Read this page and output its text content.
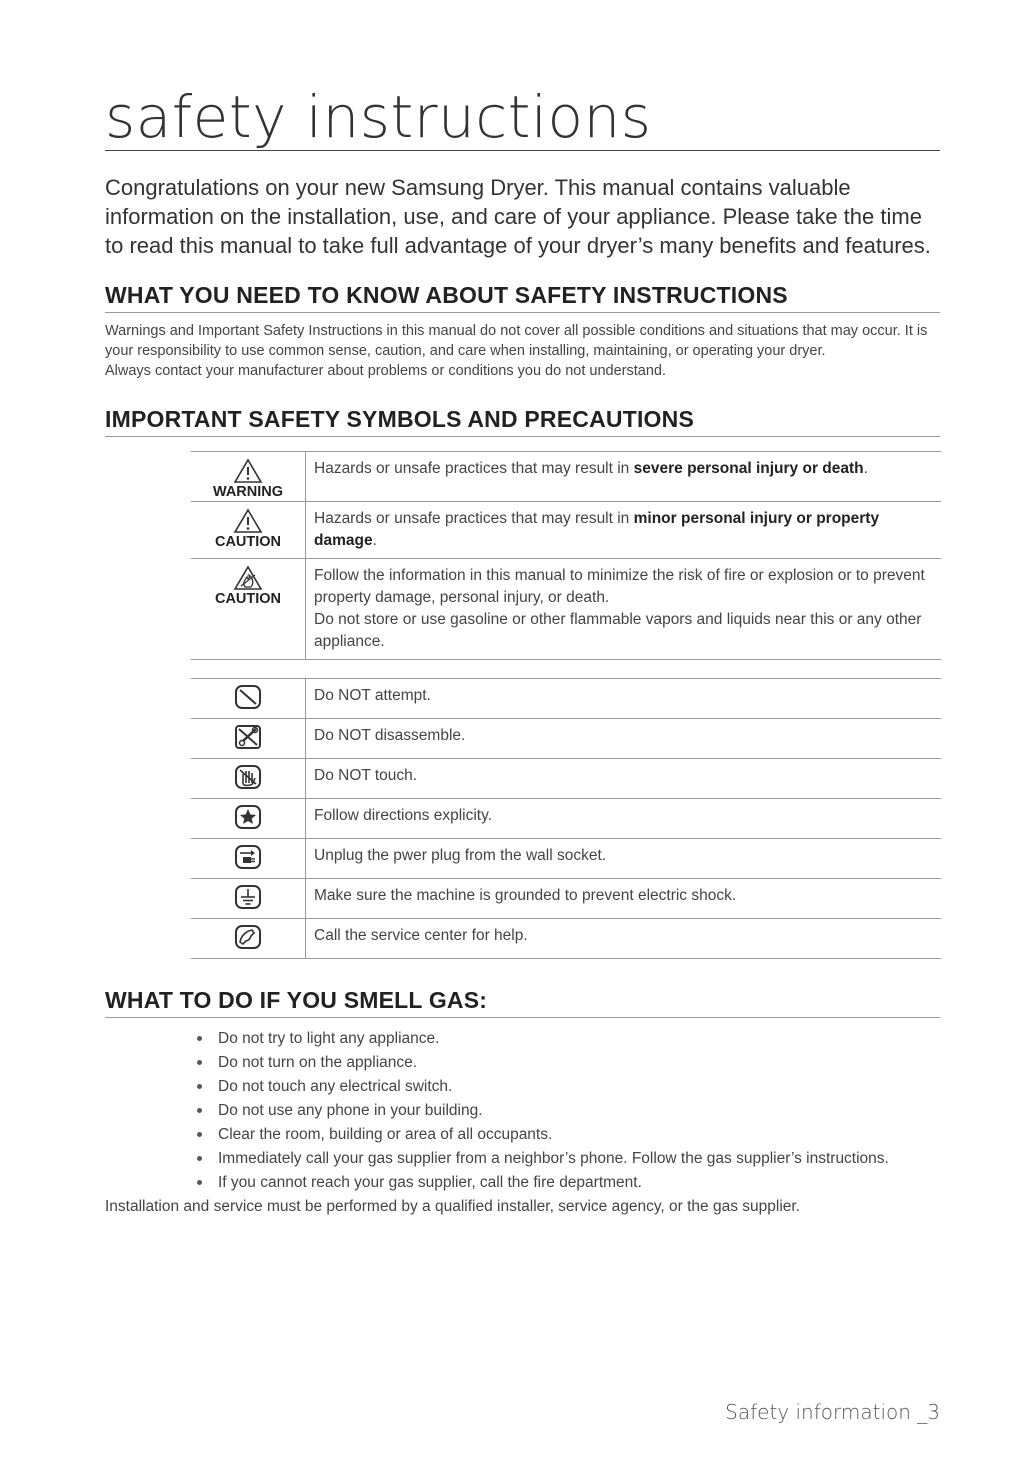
safety instructions

Congratulations on your new Samsung Dryer. This manual contains valuable information on the installation, use, and care of your appliance. Please take the time to read this manual to take full advantage of your dryer’s many benefits and features.

WHAT YOU NEED TO KNOW ABOUT SAFETY INSTRUCTIONS

Warnings and Important Safety Instructions in this manual do not cover all possible conditions and situations that may occur. It is your responsibility to use common sense, caution, and care when installing, maintaining, or operating your dryer.

Always contact your manufacturer about problems or conditions you do not understand.

IMPORTANT SAFETY SYMBOLS AND PRECAUTIONS
WARNING	Hazards or unsafe practices that may result in severe personal injury or death.

CAUTION	Hazards or unsafe practices that may result in minor personal injury or property damage.

CAUTION	Follow the information in this manual to minimize the risk of fire or explosion or to prevent property damage, personal injury, or death.
Do not store or use gasoline or other flammable vapors and liquids near this or any other appliance.
	Do NOT attempt.

	Do NOT disassemble.

	Do NOT touch.

	Follow directions explicity.

	Unplug the pwer plug from the wall socket.

	Make sure the machine is grounded to prevent electric shock.

	Call the service center for help.
WHAT TO DO IF YOU SMELL GAS:
Do not try to light any appliance.
Do not turn on the appliance.
Do not touch any electrical switch.
Do not use any phone in your building.
Clear the room, building or area of all occupants.
Immediately call your gas supplier from a neighbor’s phone. Follow the gas supplier’s instructions.
If you cannot reach your gas supplier, call the fire department.

Installation and service must be performed by a qualified installer, service agency, or the gas supplier.

Safety information _3
